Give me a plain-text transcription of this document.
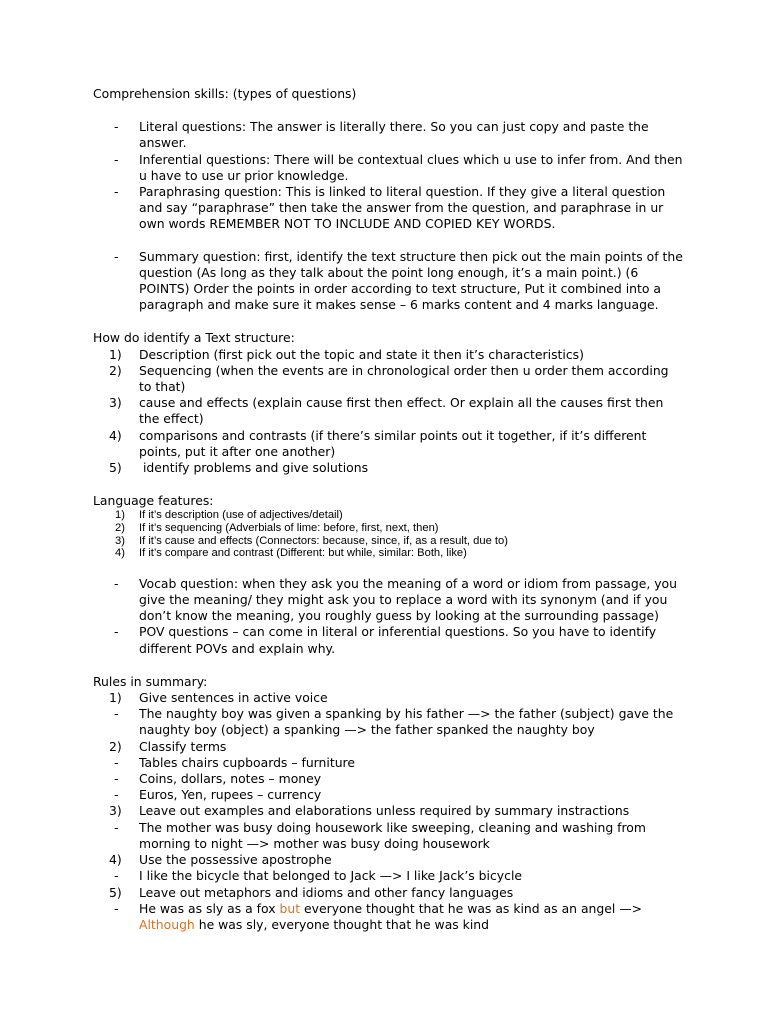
Comprehension skills: (types of questions)
- Literal questions: The answer is literally there. So you can just copy and paste the answer.
- Inferential questions: There will be contextual clues which u use to infer from. And then u have to use ur prior knowledge.
- Paraphrasing question: This is linked to literal question. If they give a literal question and say “paraphrase” then take the answer from the question, and paraphrase in ur own words REMEMBER NOT TO INCLUDE AND COPIED KEY WORDS.
- Summary question: first, identify the text structure then pick out the main points of the question (As long as they talk about the point long enough, it’s a main point.) (6 POINTS) Order the points in order according to text structure, Put it combined into a paragraph and make sure it makes sense – 6 marks content and 4 marks language.
How do identify a Text structure:
1)	Description (first pick out the topic and state it then it’s characteristics)
2)	Sequencing (when the events are in chronological order then u order them according to that)
3)	cause and effects (explain cause first then effect. Or explain all the causes first then the effect)
4)	comparisons and contrasts (if there’s similar points out it together, if it’s different points, put it after one another)
5)	identify problems and give solutions
Language features:
1)	If it’s description (use of adjectives/detail)
2)	If it’s sequencing (Adverbials of lime: before, first, next, then)
3)	If it’s cause and effects (Connectors: because, since, if, as a result, due to)
4)	If it’s compare and contrast (Different: but while, similar: Both, like)
- Vocab question: when they ask you the meaning of a word or idiom from passage, you give the meaning/ they might ask you to replace a word with its synonym (and if you don’t know the meaning, you roughly guess by looking at the surrounding passage)
- POV questions – can come in literal or inferential questions. So you have to identify different POVs and explain why.
Rules in summary:
1)	Give sentences in active voice
- The naughty boy was given a spanking by his father —> the father (subject) gave the naughty boy (object) a spanking —> the father spanked the naughty boy
2)	Classify terms
- Tables chairs cupboards – furniture
- Coins, dollars, notes – money
- Euros, Yen, rupees – currency
3)	Leave out examples and elaborations unless required by summary instractions
- The mother was busy doing housework like sweeping, cleaning and washing from morning to night —> mother was busy doing housework
4)	Use the possessive apostrophe
- I like the bicycle that belonged to Jack —> I like Jack’s bicycle
5)	Leave out metaphors and idioms and other fancy languages
- He was as sly as a fox but everyone thought that he was as kind as an angel —> Although he was sly, everyone thought that he was kind
